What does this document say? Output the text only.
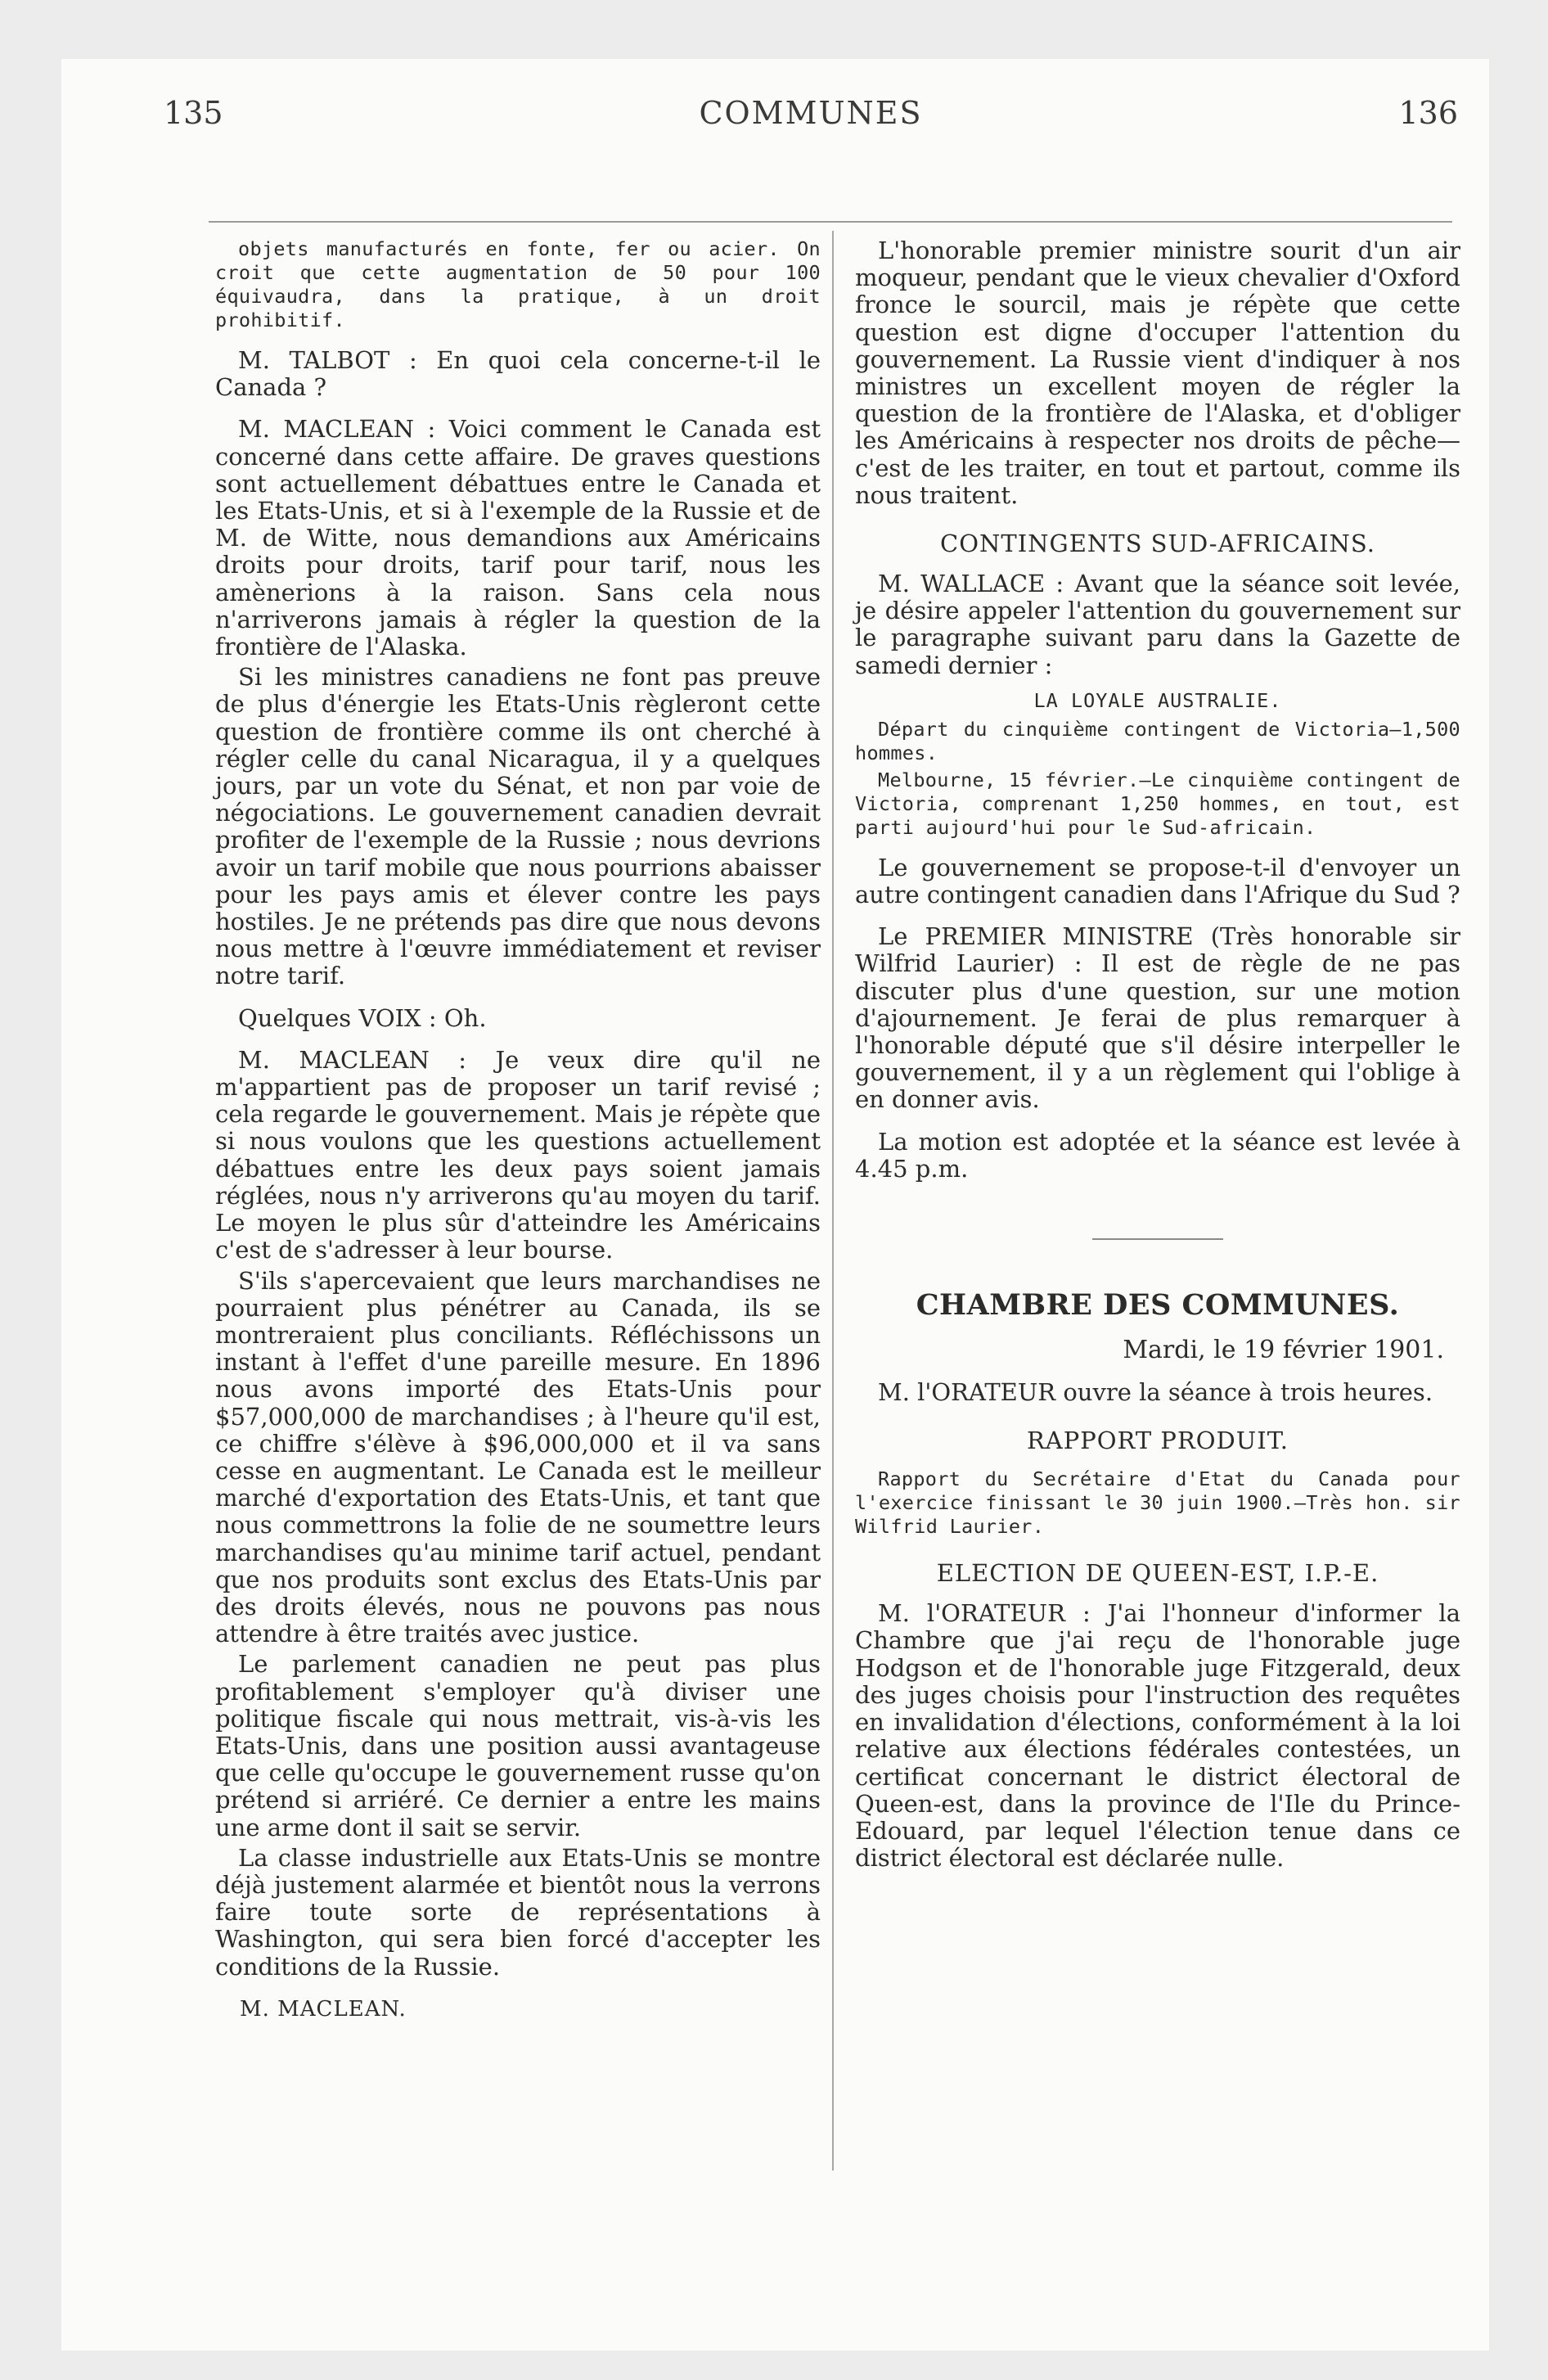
135	COMMUNES	136

objets manufacturés en fonte, fer ou acier. On croit que cette augmentation de 50 pour 100 équivaudra, dans la pratique, à un droit prohibitif.

M. TALBOT : En quoi cela concerne-t-il le Canada ?

M. MACLEAN : Voici comment le Canada est concerné dans cette affaire. De graves questions sont actuellement débattues entre le Canada et les Etats-Unis, et si à l'exemple de la Russie et de M. de Witte, nous demandions aux Américains droits pour droits, tarif pour tarif, nous les amènerions à la raison. Sans cela nous n'arriverons jamais à régler la question de la frontière de l'Alaska.

Si les ministres canadiens ne font pas preuve de plus d'énergie les Etats-Unis règleront cette question de frontière comme ils ont cherché à régler celle du canal Nicaragua, il y a quelques jours, par un vote du Sénat, et non par voie de négociations. Le gouvernement canadien devrait profiter de l'exemple de la Russie ; nous devrions avoir un tarif mobile que nous pourrions abaisser pour les pays amis et élever contre les pays hostiles. Je ne prétends pas dire que nous devons nous mettre à l'œuvre immédiatement et reviser notre tarif.

Quelques VOIX : Oh.

M. MACLEAN : Je veux dire qu'il ne m'appartient pas de proposer un tarif revisé ; cela regarde le gouvernement. Mais je répète que si nous voulons que les questions actuellement débattues entre les deux pays soient jamais réglées, nous n'y arriverons qu'au moyen du tarif. Le moyen le plus sûr d'atteindre les Américains c'est de s'adresser à leur bourse.

S'ils s'apercevaient que leurs marchandises ne pourraient plus pénétrer au Canada, ils se montreraient plus conciliants. Réfléchissons un instant à l'effet d'une pareille mesure. En 1896 nous avons importé des Etats-Unis pour $57,000,000 de marchandises ; à l'heure qu'il est, ce chiffre s'élève à $96,000,000 et il va sans cesse en augmentant. Le Canada est le meilleur marché d'exportation des Etats-Unis, et tant que nous commettrons la folie de ne soumettre leurs marchandises qu'au minime tarif actuel, pendant que nos produits sont exclus des Etats-Unis par des droits élevés, nous ne pouvons pas nous attendre à être traités avec justice.

Le parlement canadien ne peut pas plus profitablement s'employer qu'à diviser une politique fiscale qui nous mettrait, vis-à-vis les Etats-Unis, dans une position aussi avantageuse que celle qu'occupe le gouvernement russe qu'on prétend si arriéré. Ce dernier a entre les mains une arme dont il sait se servir.

La classe industrielle aux Etats-Unis se montre déjà justement alarmée et bientôt nous la verrons faire toute sorte de représentations à Washington, qui sera bien forcé d'accepter les conditions de la Russie.

M. MACLEAN.

L'honorable premier ministre sourit d'un air moqueur, pendant que le vieux chevalier d'Oxford fronce le sourcil, mais je répète que cette question est digne d'occuper l'attention du gouvernement. La Russie vient d'indiquer à nos ministres un excellent moyen de régler la question de la frontière de l'Alaska, et d'obliger les Américains à respecter nos droits de pêche—c'est de les traiter, en tout et partout, comme ils nous traitent.

CONTINGENTS SUD-AFRICAINS.

M. WALLACE : Avant que la séance soit levée, je désire appeler l'attention du gouvernement sur le paragraphe suivant paru dans la Gazette de samedi dernier :

LA LOYALE AUSTRALIE.

Départ du cinquième contingent de Victoria—1,500 hommes.

Melbourne, 15 février.—Le cinquième contingent de Victoria, comprenant 1,250 hommes, en tout, est parti aujourd'hui pour le Sud-africain.

Le gouvernement se propose-t-il d'envoyer un autre contingent canadien dans l'Afrique du Sud ?

Le PREMIER MINISTRE (Très honorable sir Wilfrid Laurier) : Il est de règle de ne pas discuter plus d'une question, sur une motion d'ajournement. Je ferai de plus remarquer à l'honorable député que s'il désire interpeller le gouvernement, il y a un règlement qui l'oblige à en donner avis.

La motion est adoptée et la séance est levée à 4.45 p.m.

CHAMBRE DES COMMUNES.
Mardi, le 19 février 1901.

M. l'ORATEUR ouvre la séance à trois heures.

RAPPORT PRODUIT.

Rapport du Secrétaire d'Etat du Canada pour l'exercice finissant le 30 juin 1900.—Très hon. sir Wilfrid Laurier.

ELECTION DE QUEEN-EST, I.P.-E.

M. l'ORATEUR : J'ai l'honneur d'informer la Chambre que j'ai reçu de l'honorable juge Hodgson et de l'honorable juge Fitzgerald, deux des juges choisis pour l'instruction des requêtes en invalidation d'élections, conformément à la loi relative aux élections fédérales contestées, un certificat concernant le district électoral de Queen-est, dans la province de l'Ile du Prince-Edouard, par lequel l'élection tenue dans ce district électoral est déclarée nulle.
